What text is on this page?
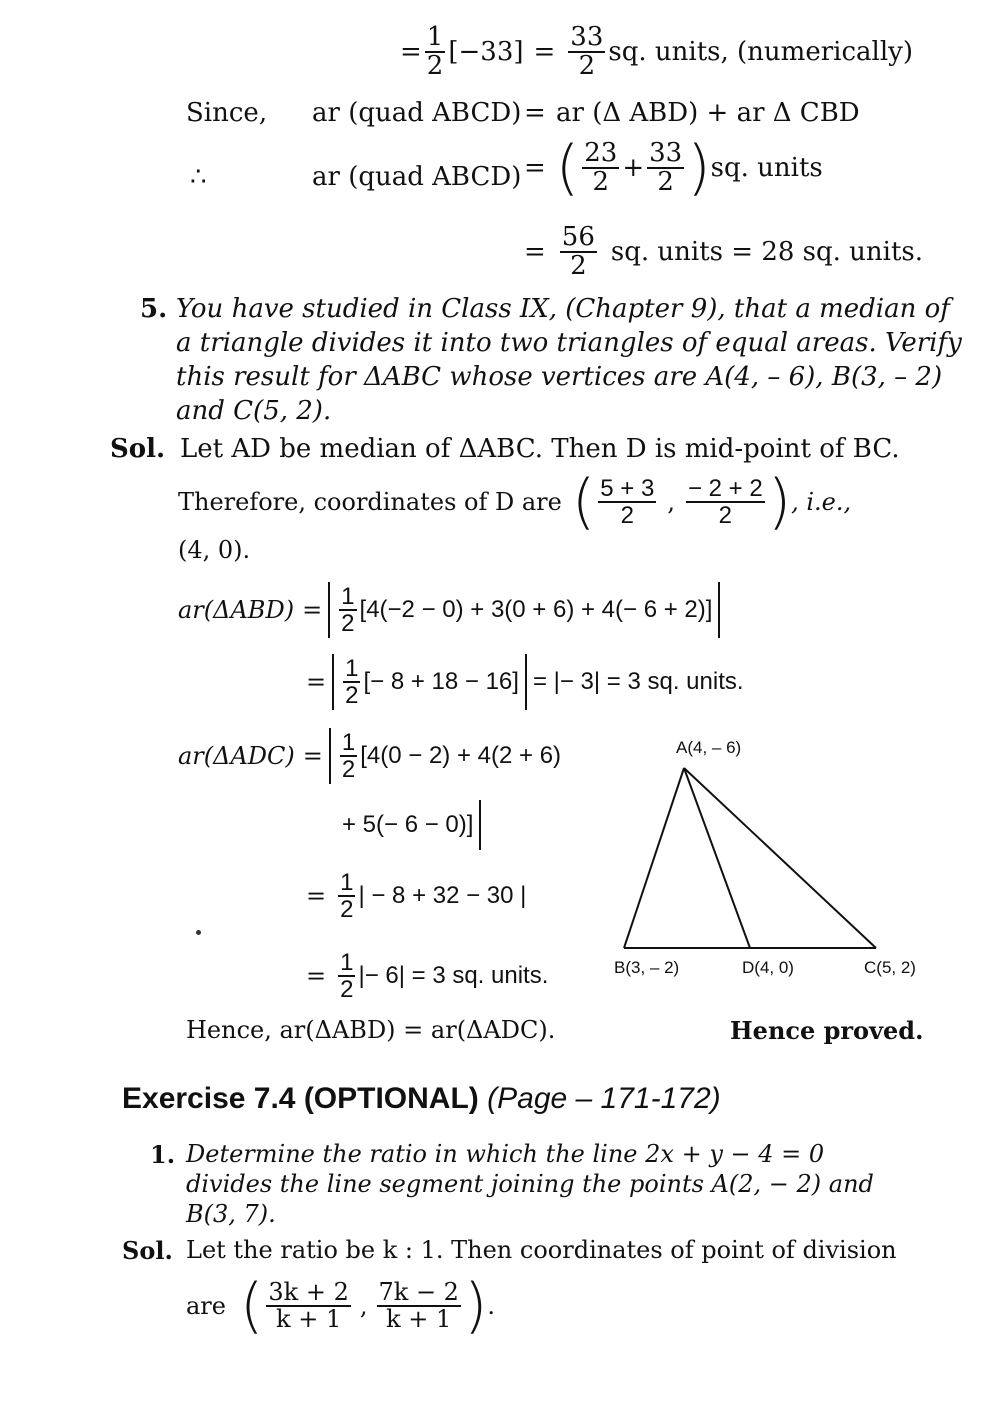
= $\frac{1}{2} [-33] = \frac{33}{2}$ sq. units, (numerically)
Since, ar (quad ABCD) = ar (Δ ABD) + ar Δ CBD
∴	ar (quad ABCD) = ( $\frac{23}{2} + \frac{33}{2}$ ) sq. units
= $\frac{56}{2}$ sq. units = 28 sq. units.
5. You have studied in Class IX, (Chapter 9), that a median of
a triangle divides it into two triangles of equal areas. Verify
this result for ΔABC whose vertices are A(4, – 6), B(3, – 2)
and C(5, 2).
Sol. Let AD be median of ΔABC. Then D is mid-point of BC.
Therefore, coordinates of D are ( $\frac{5 + 3}{2}$ , $\frac{- 2 + 2}{2}$ ) , i.e.,
(4, 0).
$ar(\Delta ABD) = \frac{1}{2} [4(-2 - 0) + 3(0 + 6) + 4(- 6 + 2)]$
= $\frac{1}{2}$ [− 8 + 18 − 16] = |− 3| = 3 sq. units.
$ar(\Delta ADC) = \frac{1}{2} [4(0 - 2) + 4(2 + 6)$
+ 5(− 6 − 0)]
= $\frac{1}{2}$ | − 8 + 32 − 30 |
= $\frac{1}{2}$ |− 6| = 3 sq. units.
A(4, – 6)
B(3, – 2)	D(4, 0)	C(5, 2)
Hence, ar(ΔABD) = ar(ΔADC).	Hence proved.
Exercise 7.4 (OPTIONAL) (Page – 171-172)
1. Determine the ratio in which the line 2x + y − 4 = 0
divides the line segment joining the points A(2, − 2) and
B(3, 7).
Sol. Let the ratio be k : 1. Then coordinates of point of division
are ( $\frac{3k + 2}{k + 1}$ , $\frac{7k - 2}{k + 1}$ ) .
